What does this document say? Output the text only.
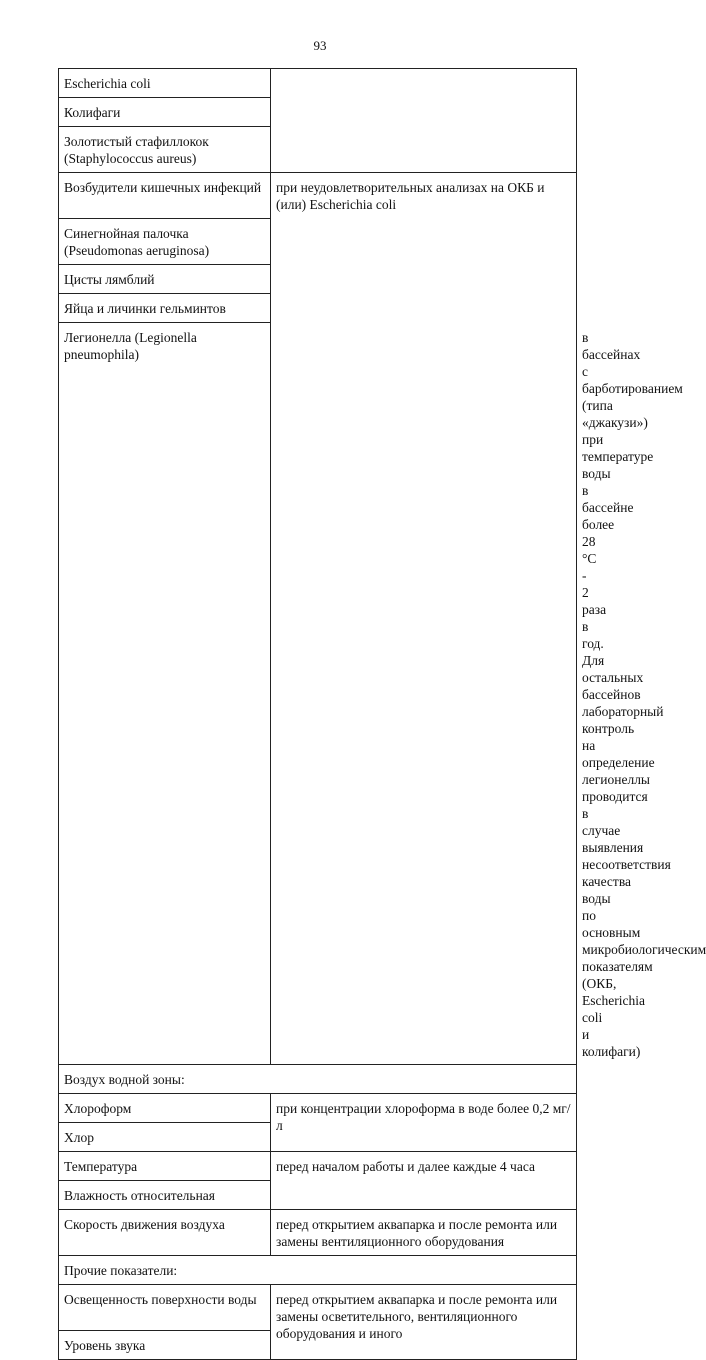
93
Escherichia coli		
Колифаги		
Золотистый стафиллокок (Staphylococcus aureus)		
Возбудители кишечных инфекций	при неудовлетворительных анализах на ОКБ и (или) Escherichia coli	
Синегнойная палочка (Pseudomonas aeruginosa)		
Цисты лямблий		
Яйца и личинки гельминтов		
Легионелла (Legionella pneumophila)		в бассейнах с барботированием (типа «джакузи») при температуре воды в бассейне более 28 °С - 2 раза в год.
Для остальных бассейнов лабораторный контроль на определение легионеллы проводится в случае выявления несоответствия качества воды по основным микробиологическим показателям (ОКБ, Escherichia coli и колифаги)

Воздух водной зоны:		
Хлороформ	при концентрации хлороформа в воде более 0,2 мг/л	
Хлор		
Температура	перед началом работы и далее каждые 4 часа	
Влажность относительная		
Скорость движения воздуха	перед открытием аквапарка и после ремонта или замены вентиляционного оборудования	
Прочие показатели:		
Освещенность поверхности воды	перед открытием аквапарка и после ремонта или замены осветительного, вентиляционного оборудования и иного	
Уровень звука		
